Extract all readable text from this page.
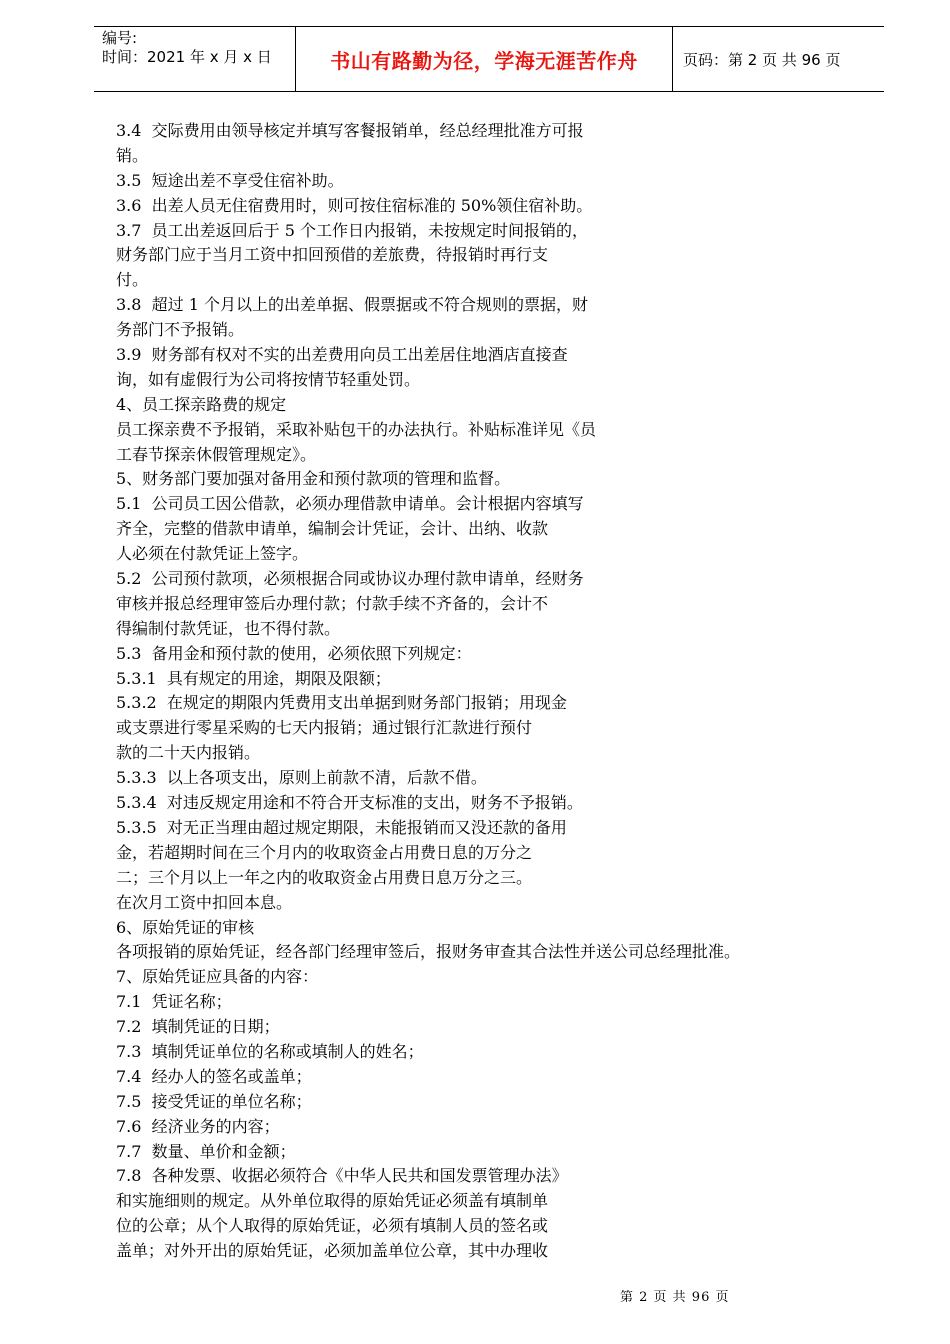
编号:
时间：2021 年 x 月 x 日	书山有路勤为径，学海无涯苦作舟	页码：第 2 页 共 96 页
3.4  交际费用由领导核定并填写客餐报销单，经总经理批准方可报
销。
3.5  短途出差不享受住宿补助。
3.6  出差人员无住宿费用时，则可按住宿标准的 50%领住宿补助。
3.7  员工出差返回后于 5 个工作日内报销，未按规定时间报销的，
财务部门应于当月工资中扣回预借的差旅费，待报销时再行支
付。
3.8  超过 1 个月以上的出差单据、假票据或不符合规则的票据，财
务部门不予报销。
3.9  财务部有权对不实的出差费用向员工出差居住地酒店直接查
询，如有虚假行为公司将按情节轻重处罚。
4、员工探亲路费的规定
员工探亲费不予报销，采取补贴包干的办法执行。补贴标准详见《员
工春节探亲休假管理规定》。
5、财务部门要加强对备用金和预付款项的管理和监督。
5.1  公司员工因公借款，必须办理借款申请单。会计根据内容填写
齐全，完整的借款申请单，编制会计凭证，会计、出纳、收款
人必须在付款凭证上签字。
5.2  公司预付款项，必须根据合同或协议办理付款申请单，经财务
审核并报总经理审签后办理付款；付款手续不齐备的，会计不
得编制付款凭证，也不得付款。
5.3  备用金和预付款的使用，必须依照下列规定：
5.3.1  具有规定的用途，期限及限额；
5.3.2  在规定的期限内凭费用支出单据到财务部门报销；用现金
或支票进行零星采购的七天内报销；通过银行汇款进行预付
款的二十天内报销。
5.3.3  以上各项支出，原则上前款不清，后款不借。
5.3.4  对违反规定用途和不符合开支标准的支出，财务不予报销。
5.3.5  对无正当理由超过规定期限，未能报销而又没还款的备用
金，若超期时间在三个月内的收取资金占用费日息的万分之
二；三个月以上一年之内的收取资金占用费日息万分之三。
在次月工资中扣回本息。
6、原始凭证的审核
各项报销的原始凭证，经各部门经理审签后，报财务审查其合法性并送公司总经理批准。
7、原始凭证应具备的内容：
7.1  凭证名称；
7.2  填制凭证的日期；
7.3  填制凭证单位的名称或填制人的姓名；
7.4  经办人的签名或盖单；
7.5  接受凭证的单位名称；
7.6  经济业务的内容；
7.7  数量、单价和金额；
7.8  各种发票、收据必须符合《中华人民共和国发票管理办法》
和实施细则的规定。从外单位取得的原始凭证必须盖有填制单
位的公章；从个人取得的原始凭证，必须有填制人员的签名或
盖单；对外开出的原始凭证，必须加盖单位公章，其中办理收
第 2 页 共 96 页
